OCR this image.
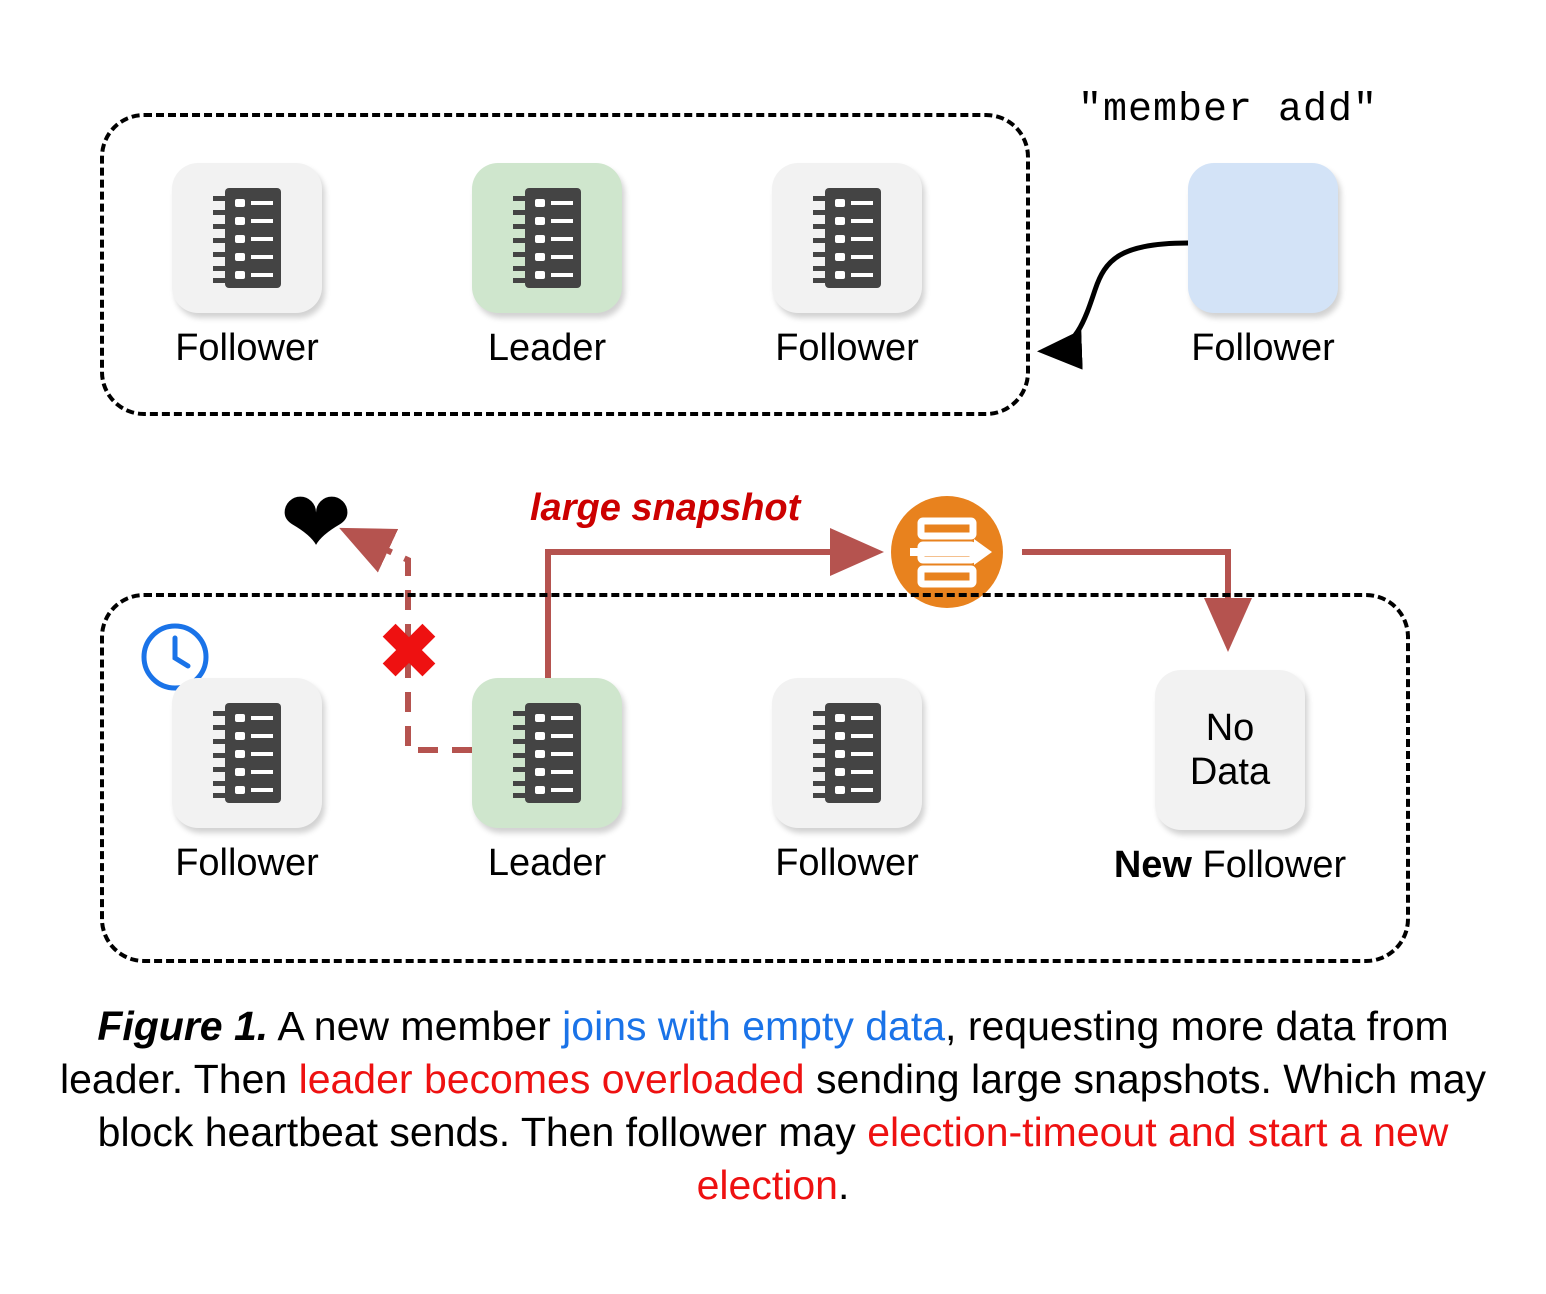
Follower	Leader	Follower
"member add"
Follower
❤
✖
large snapshot
Follower	Leader	Follower
No
Data
New Follower
Figure 1. A new member joins with empty data, requesting more data from leader. Then leader becomes overloaded sending large snapshots. Which may block heartbeat sends. Then follower may election-timeout and start a new election.
